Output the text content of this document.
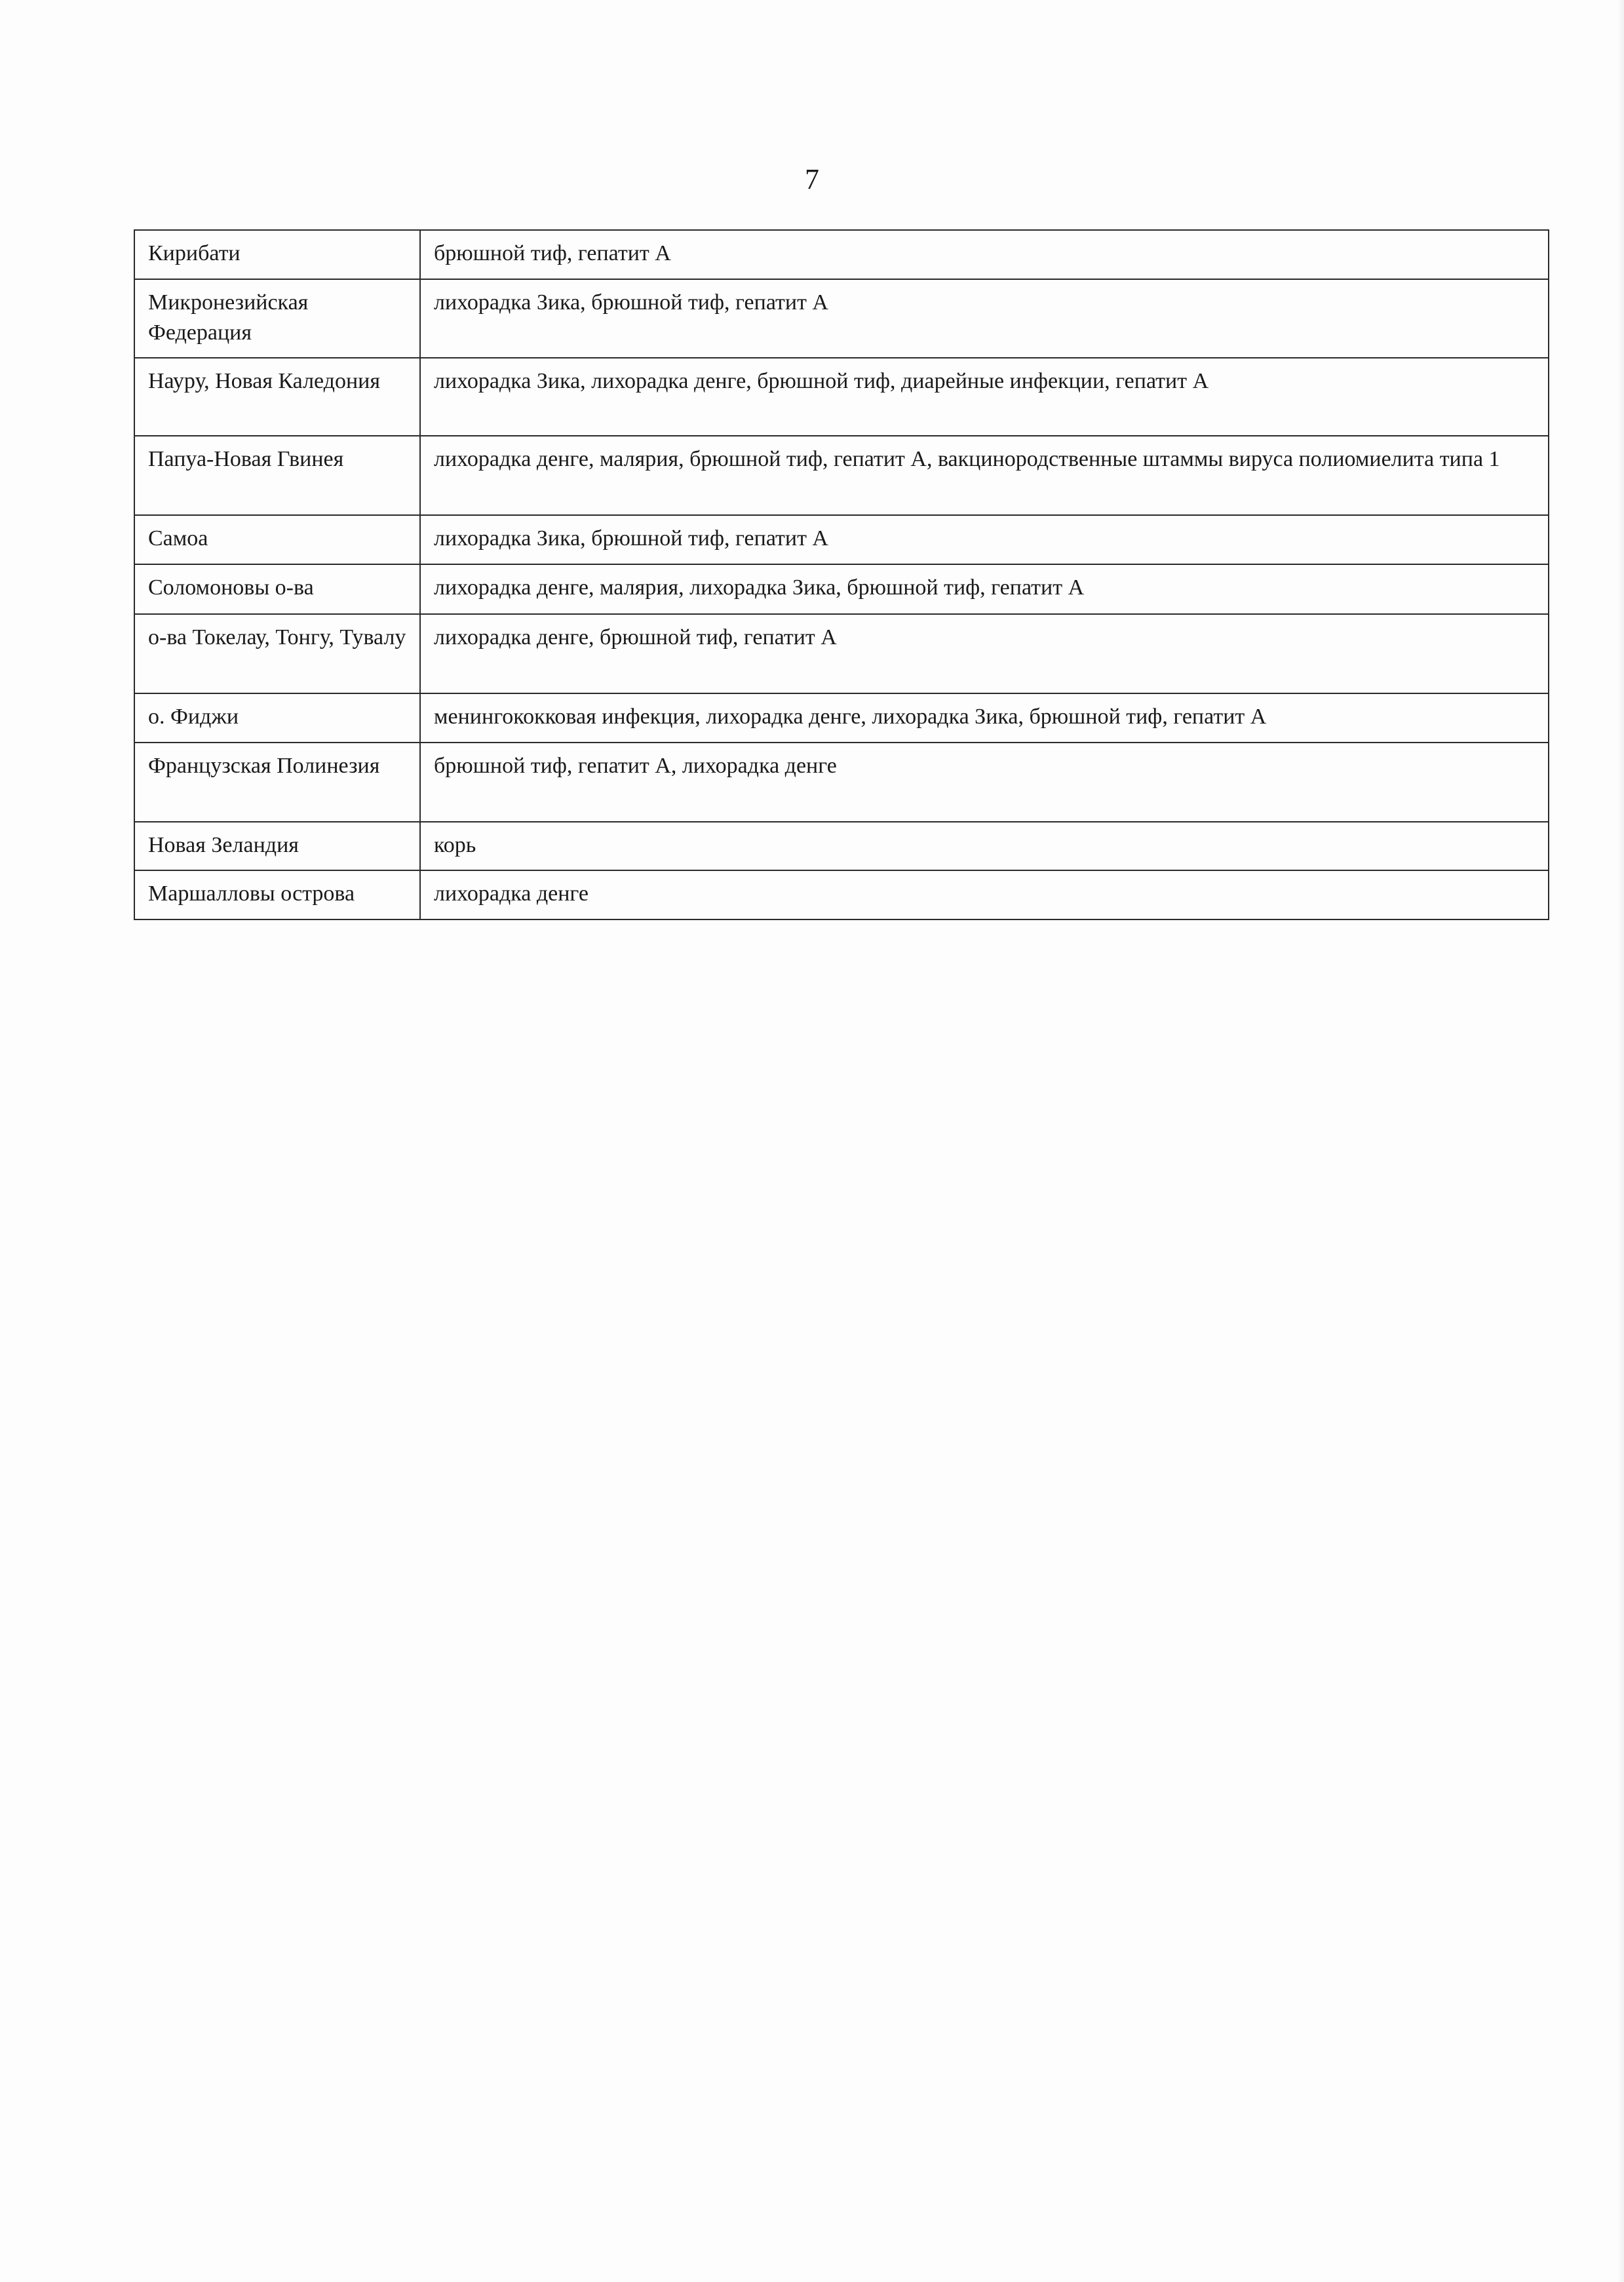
7
Кирибати	брюшной тиф, гепатит А
Микронезийская Федерация	лихорадка Зика, брюшной тиф, гепатит А
Науру, Новая Каледония	лихорадка Зика, лихорадка денге, брюшной тиф, диарейные инфекции, гепатит А
Папуа-Новая Гвинея	лихорадка денге, малярия, брюшной тиф, гепатит А, вакцинородственные штаммы вируса полиомиелита типа 1
Самоа	лихорадка Зика, брюшной тиф, гепатит А
Соломоновы о-ва	лихорадка денге, малярия, лихорадка Зика, брюшной тиф, гепатит А
о-ва Токелау, Тонгу, Тувалу	лихорадка денге, брюшной тиф, гепатит А
о. Фиджи	менингококковая инфекция, лихорадка денге, лихорадка Зика, брюшной тиф, гепатит А
Французская Полинезия	брюшной тиф, гепатит А, лихорадка денге
Новая Зеландия	корь
Маршалловы острова	лихорадка денге
